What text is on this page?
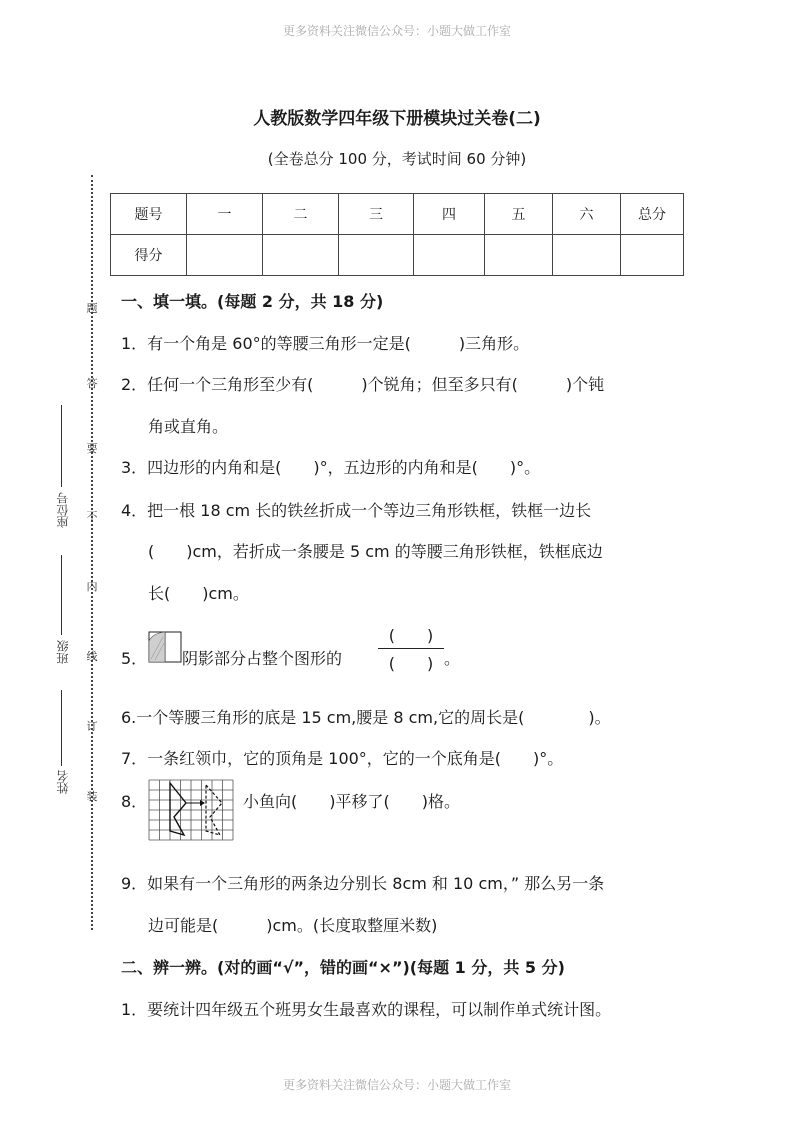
更多资料关注微信公众号：小题大做工作室
人教版数学四年级下册模块过关卷(二)
(全卷总分 100 分，考试时间 60 分钟)
题
答
要
不
内
线
订
装
座位号
班级
姓名
题号	一	二	三	四	五	六	总分
得分							
一、填一填。(每题 2 分，共 18 分)
1．有一个角是 60°的等腰三角形一定是(　　　)三角形。
2．任何一个三角形至少有(　　　)个锐角；但至多只有(　　　)个钝
角或直角。
3．四边形的内角和是(　　)°，五边形的内角和是(　　)°。
4．把一根 18 cm 长的铁丝折成一个等边三角形铁框，铁框一边长
(　　)cm，若折成一条腰是 5 cm 的等腰三角形铁框，铁框底边
长(　　)cm。
5． 阴影部分占整个图形的
(　　)
(　　) 。
6.一个等腰三角形的底是 15 cm,腰是 8 cm,它的周长是(　　　　)。
7．一条红领巾，它的顶角是 100°，它的一个底角是(　　)°。
8．	小鱼向(　　)平移了(　　)格。
9．如果有一个三角形的两条边分别长 8cm 和 10 cm，” 那么另一条
边可能是(　　　)cm。(长度取整厘米数)
二、辨一辨。(对的画“√”，错的画“×”)(每题 1 分，共 5 分)
1．要统计四年级五个班男女生最喜欢的课程，可以制作单式统计图。
更多资料关注微信公众号：小题大做工作室
